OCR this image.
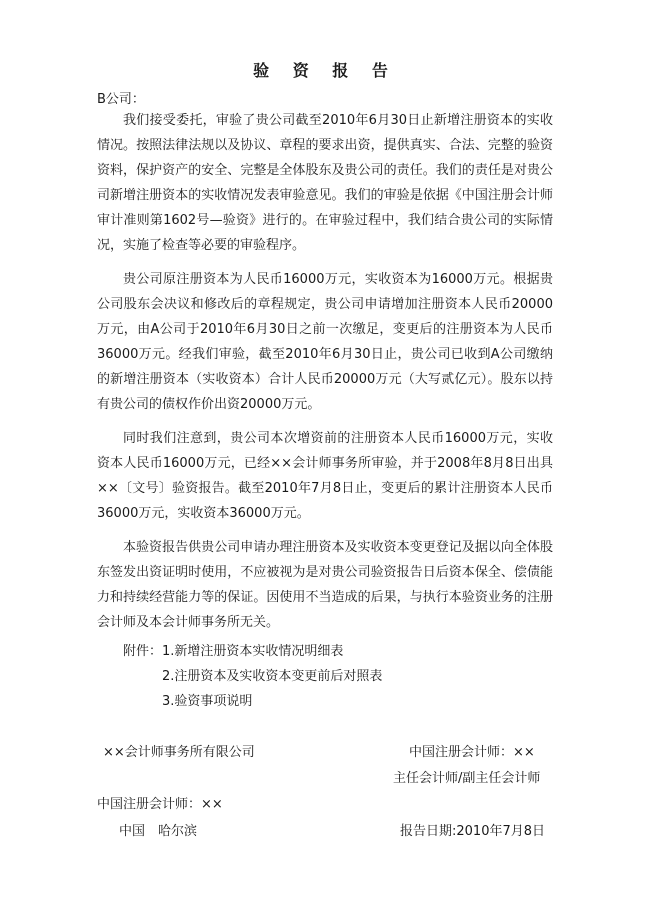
验 资 报 告
B公司：

我们接受委托，审验了贵公司截至2010年6月30日止新增注册资本的实收情况。按照法律法规以及协议、章程的要求出资，提供真实、合法、完整的验资资料，保护资产的安全、完整是全体股东及贵公司的责任。我们的责任是对贵公司新增注册资本的实收情况发表审验意见。我们的审验是依据《中国注册会计师审计准则第1602号—验资》进行的。在审验过程中，我们结合贵公司的实际情况，实施了检查等必要的审验程序。

贵公司原注册资本为人民币16000万元，实收资本为16000万元。根据贵公司股东会决议和修改后的章程规定，贵公司申请增加注册资本人民币20000万元，由A公司于2010年6月30日之前一次缴足，变更后的注册资本为人民币36000万元。经我们审验，截至2010年6月30日止，贵公司已收到A公司缴纳的新增注册资本（实收资本）合计人民币20000万元（大写贰亿元）。股东以持有贵公司的债权作价出资20000万元。

同时我们注意到，贵公司本次增资前的注册资本人民币16000万元，实收资本人民币16000万元，已经××会计师事务所审验，并于2008年8月8日出具××〔文号〕验资报告。截至2010年7月8日止，变更后的累计注册资本人民币36000万元，实收资本36000万元。

本验资报告供贵公司申请办理注册资本及实收资本变更登记及据以向全体股东签发出资证明时使用，不应被视为是对贵公司验资报告日后资本保全、偿债能力和持续经营能力等的保证。因使用不当造成的后果，与执行本验资业务的注册会计师及本会计师事务所无关。

附件： 1.新增注册资本实收情况明细表
2.注册资本及实收资本变更前后对照表
3.验资事项说明
××会计师事务所有限公司	中国注册会计师：××
主任会计师/副主任会计师
中国注册会计师：××
中国　哈尔滨	报告日期:2010年7月8日
